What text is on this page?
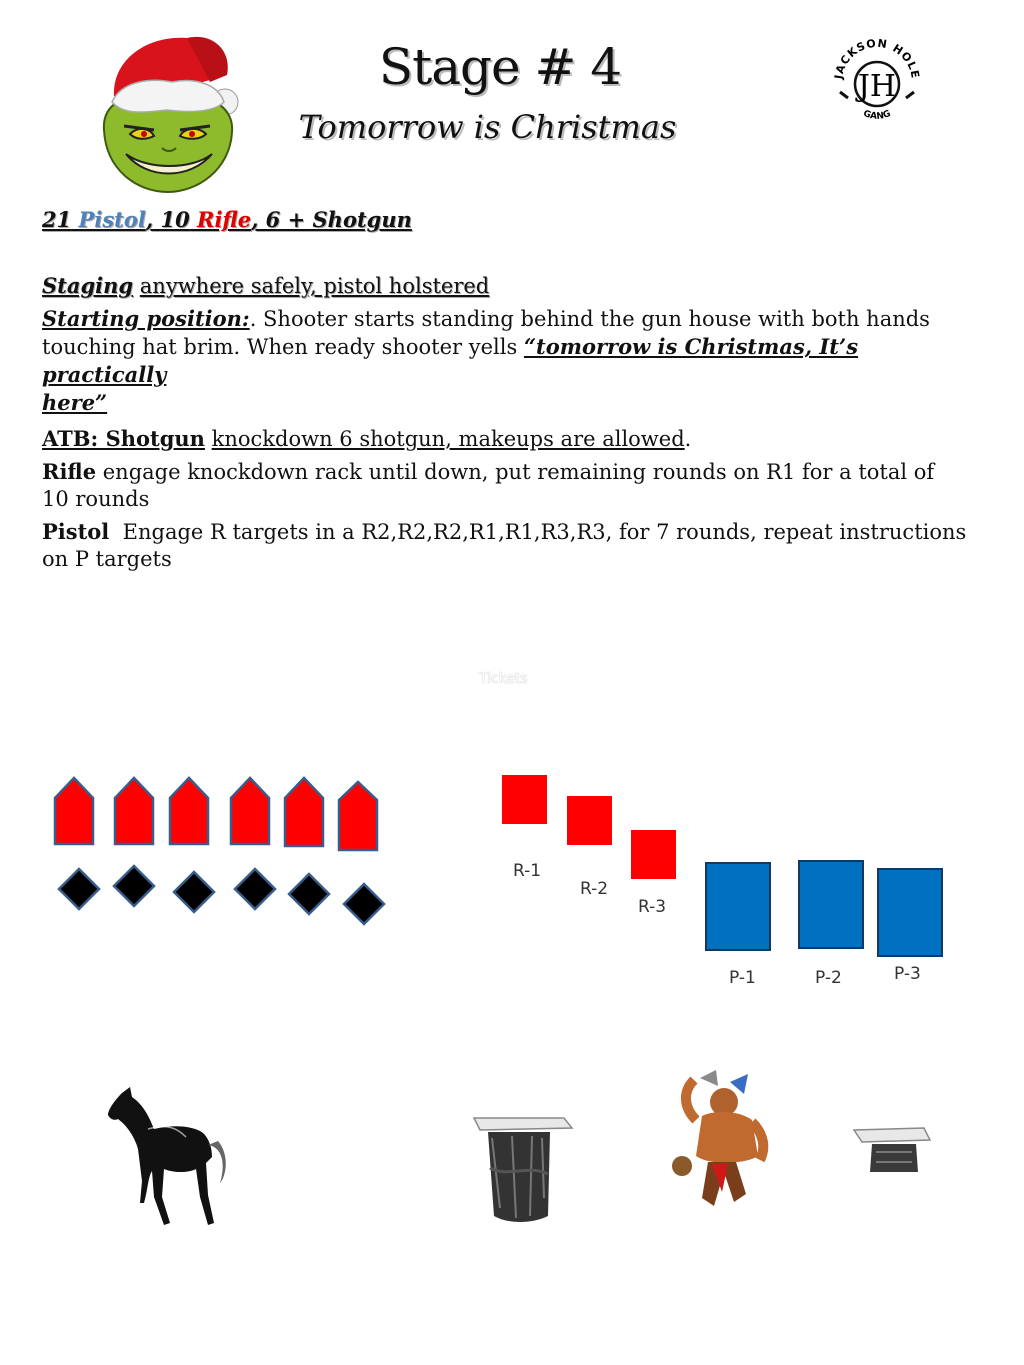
Stage # 4
Tomorrow is Christmas
JACKSON HOLE
GANG
JH
21 Pistol, 10 Rifle, 6 + Shotgun
Staging anywhere safely, pistol holstered
Starting position:. Shooter starts standing behind the gun house with both hands touching hat brim. When ready shooter yells “tomorrow is Christmas, It’s practically
here”
ATB: Shotgun knockdown 6 shotgun, makeups are allowed.
Rifle engage knockdown rack until down, put remaining rounds on R1 for a total of 10 rounds
Pistol Engage R targets in a R2,R2,R2,R1,R1,R3,R3, for 7 rounds, repeat instructions on P targets
Tickets
R-1
R-2
R-3
P-1	P-2	P-3
